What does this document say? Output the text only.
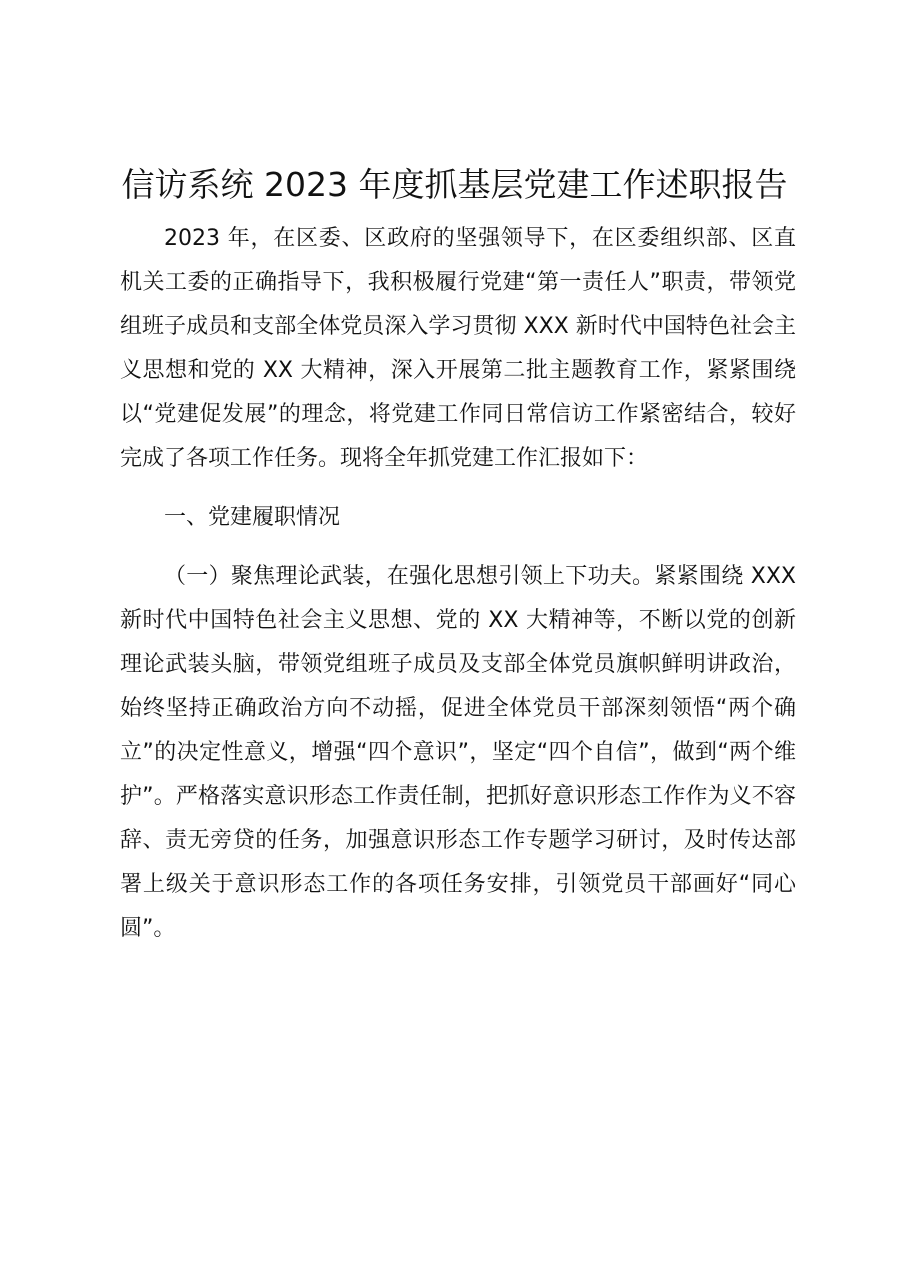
信访系统 2023 年度抓基层党建工作述职报告

2023 年，在区委、区政府的坚强领导下，在区委组织部、区直机关工委的正确指导下，我积极履行党建“第一责任人”职责，带领党组班子成员和支部全体党员深入学习贯彻 XXX 新时代中国特色社会主义思想和党的 XX 大精神，深入开展第二批主题教育工作，紧紧围绕以“党建促发展”的理念，将党建工作同日常信访工作紧密结合，较好完成了各项工作任务。现将全年抓党建工作汇报如下：

一、党建履职情况

（一）聚焦理论武装，在强化思想引领上下功夫。紧紧围绕 XXX 新时代中国特色社会主义思想、党的 XX 大精神等，不断以党的创新理论武装头脑，带领党组班子成员及支部全体党员旗帜鲜明讲政治，始终坚持正确政治方向不动摇，促进全体党员干部深刻领悟“两个确立”的决定性意义，增强“四个意识”，坚定“四个自信”，做到“两个维护”。严格落实意识形态工作责任制，把抓好意识形态工作作为义不容辞、责无旁贷的任务，加强意识形态工作专题学习研讨，及时传达部署上级关于意识形态工作的各项任务安排，引领党员干部画好“同心圆”。
